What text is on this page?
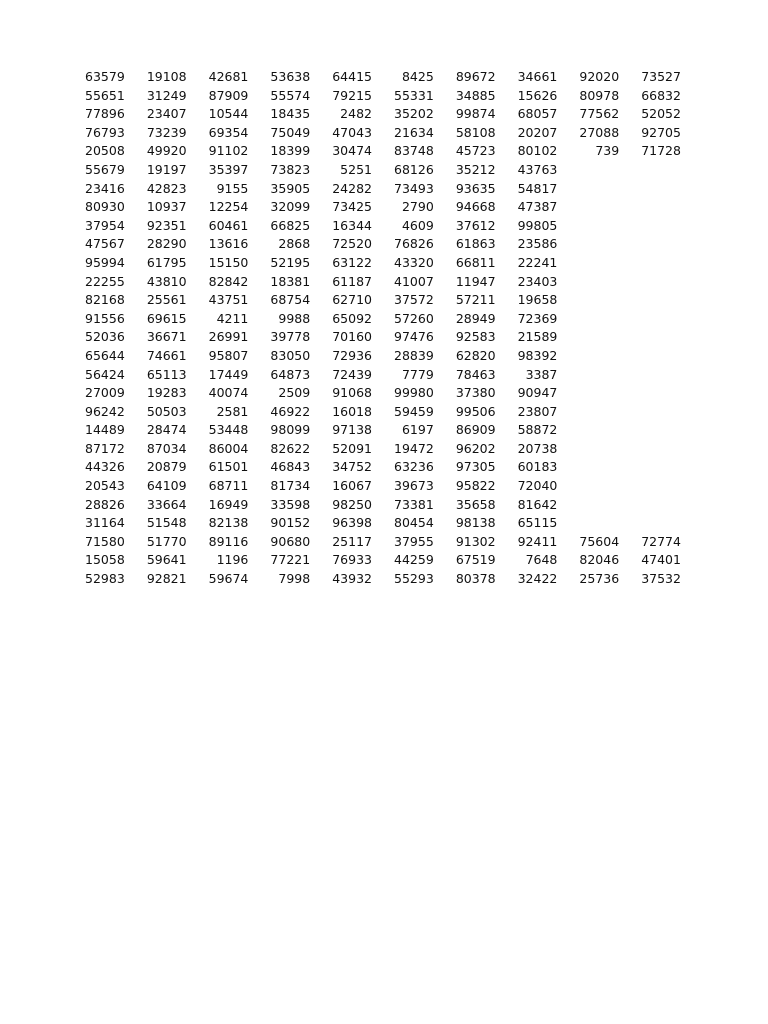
63579	19108	42681	53638	64415	8425	89672	34661	92020	73527
55651	31249	87909	55574	79215	55331	34885	15626	80978	66832
77896	23407	10544	18435	2482	35202	99874	68057	77562	52052
76793	73239	69354	75049	47043	21634	58108	20207	27088	92705
20508	49920	91102	18399	30474	83748	45723	80102	739	71728
55679	19197	35397	73823	5251	68126	35212	43763		
23416	42823	9155	35905	24282	73493	93635	54817		
80930	10937	12254	32099	73425	2790	94668	47387		
37954	92351	60461	66825	16344	4609	37612	99805		
47567	28290	13616	2868	72520	76826	61863	23586		
95994	61795	15150	52195	63122	43320	66811	22241		
22255	43810	82842	18381	61187	41007	11947	23403		
82168	25561	43751	68754	62710	37572	57211	19658		
91556	69615	4211	9988	65092	57260	28949	72369		
52036	36671	26991	39778	70160	97476	92583	21589		
65644	74661	95807	83050	72936	28839	62820	98392		
56424	65113	17449	64873	72439	7779	78463	3387		
27009	19283	40074	2509	91068	99980	37380	90947		
96242	50503	2581	46922	16018	59459	99506	23807		
14489	28474	53448	98099	97138	6197	86909	58872		
87172	87034	86004	82622	52091	19472	96202	20738		
44326	20879	61501	46843	34752	63236	97305	60183		
20543	64109	68711	81734	16067	39673	95822	72040		
28826	33664	16949	33598	98250	73381	35658	81642		
31164	51548	82138	90152	96398	80454	98138	65115		
71580	51770	89116	90680	25117	37955	91302	92411	75604	72774
15058	59641	1196	77221	76933	44259	67519	7648	82046	47401
52983	92821	59674	7998	43932	55293	80378	32422	25736	37532
